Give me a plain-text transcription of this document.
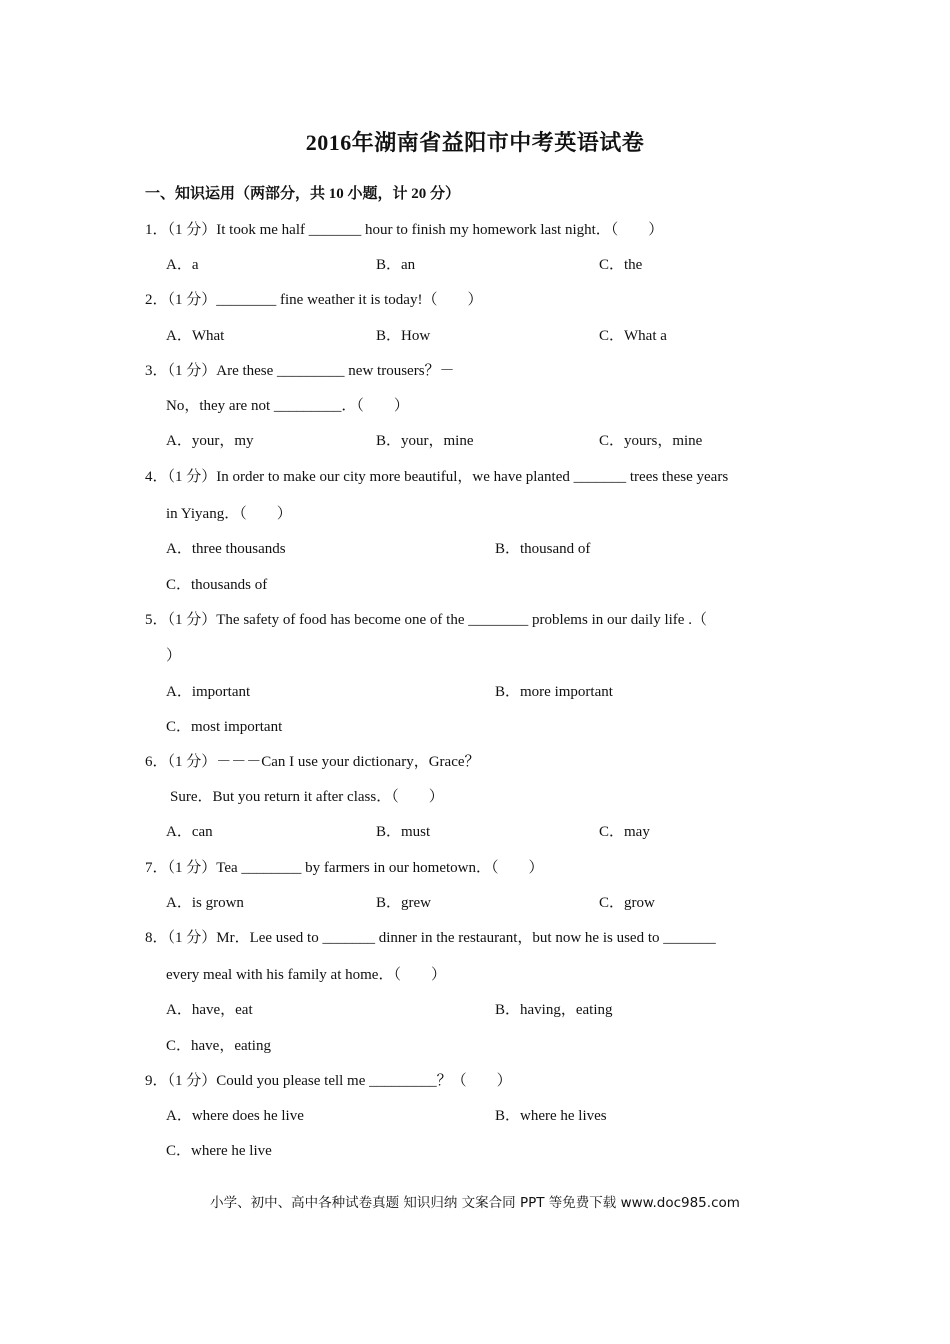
2016年湖南省益阳市中考英语试卷
一、知识运用（两部分，共 10 小题，计 20 分）
1．（1 分）It took me half _______ hour to finish my homework last night．（　　）
A．a	B．an	C．the
2．（1 分）________ fine weather it is today!（　　）
A．What	B．How	C．What a
3．（1 分）Are these _________ new trousers？－
No，they are not _________．（　　）
A．your，my	B．your，mine	C．yours，mine
4．（1 分）In order to make our city more beautiful，we have planted _______ trees these years
in Yiyang．（　　）
A．three thousands	B．thousand of
C．thousands of
5．（1 分）The safety of food has become one of the ________ problems in our daily life .（
）
A．important	B．more important
C．most important
6．（1 分）－－－Can I use your dictionary，Grace？
Sure．But you return it after class．（　　）
A．can	B．must	C．may
7．（1 分）Tea ________ by farmers in our hometown．（　　）
A．is grown	B．grew	C．grow
8．（1 分）Mr．Lee used to _______ dinner in the restaurant，but now he is used to _______
every meal with his family at home．（　　）
A．have，eat	B．having，eating
C．have，eating
9．（1 分）Could you please tell me _________？（　　）
A．where does he live	B．where he lives
C．where he live
小学、初中、高中各种试卷真题 知识归纳 文案合同 PPT 等免费下载 www.doc985.com
